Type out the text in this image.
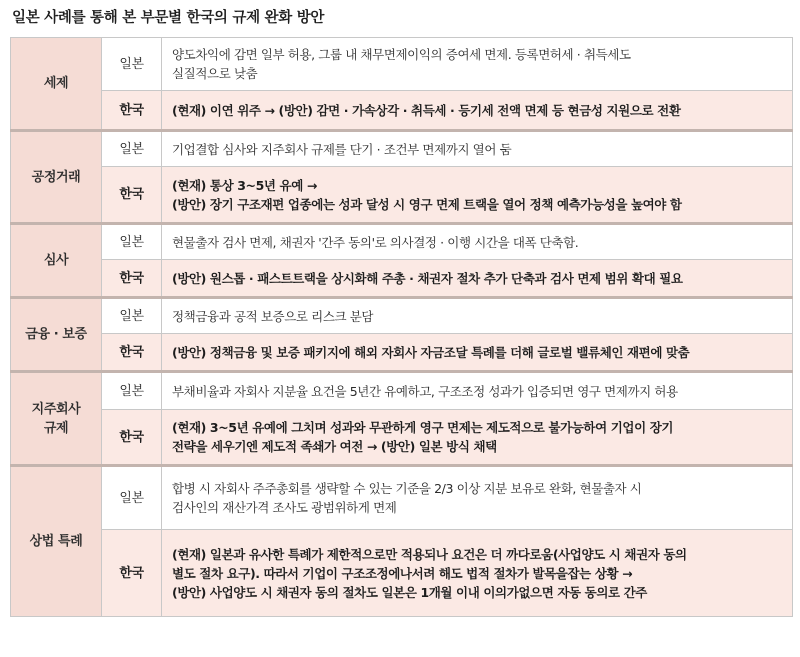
일본 사례를 통해 본 부문별 한국의 규제 완화 방안
세제	일본	양도차익에 감면 일부 허용, 그룹 내 채무면제이익의 증여세 면제. 등록면허세 · 취득세도
실질적으로 낮춤

	한국	(현재) 이연 위주 → (방안) 감면 · 가속상각 · 취득세 · 등기세 전액 면제 등 현금성 지원으로 전환

공정거래	일본	기업결합 심사와 지주회사 규제를 단기 · 조건부 면제까지 열어 둠

	한국	(현재) 통상 3~5년 유예 →
(방안) 장기 구조재편 업종에는 성과 달성 시 영구 면제 트랙을 열어 정책 예측가능성을 높여야 함

심사	일본	현물출자 검사 면제, 채권자 '간주 동의'로 의사결정 · 이행 시간을 대폭 단축함.

	한국	(방안) 원스톱 · 패스트트랙을 상시화해 주총 · 채권자 절차 추가 단축과 검사 면제 범위 확대 필요

금융 · 보증	일본	정책금융과 공적 보증으로 리스크 분담

	한국	(방안) 정책금융 및 보증 패키지에 해외 자회사 자금조달 특례를 더해 글로벌 밸류체인 재편에 맞춤

지주회사
규제	일본	부채비율과 자회사 지분율 요건을 5년간 유예하고, 구조조정 성과가 입증되면 영구 면제까지 허용

	한국	(현재) 3~5년 유예에 그치며 성과와 무관하게 영구 면제는 제도적으로 불가능하여 기업이 장기
전략을 세우기엔 제도적 족쇄가 여전 → (방안) 일본 방식 채택

상법 특례	일본	합병 시 자회사 주주총회를 생략할 수 있는 기준을 2/3 이상 지분 보유로 완화, 현물출자 시
검사인의 재산가격 조사도 광범위하게 면제

	한국	(현재) 일본과 유사한 특례가 제한적으로만 적용되나 요건은 더 까다로움(사업양도 시 채권자 동의
별도 절차 요구). 따라서 기업이 구조조정에나서려 해도 법적 절차가 발목을잡는 상황 →
(방안) 사업양도 시 채권자 동의 절차도 일본은 1개월 이내 이의가없으면 자동 동의로 간주
